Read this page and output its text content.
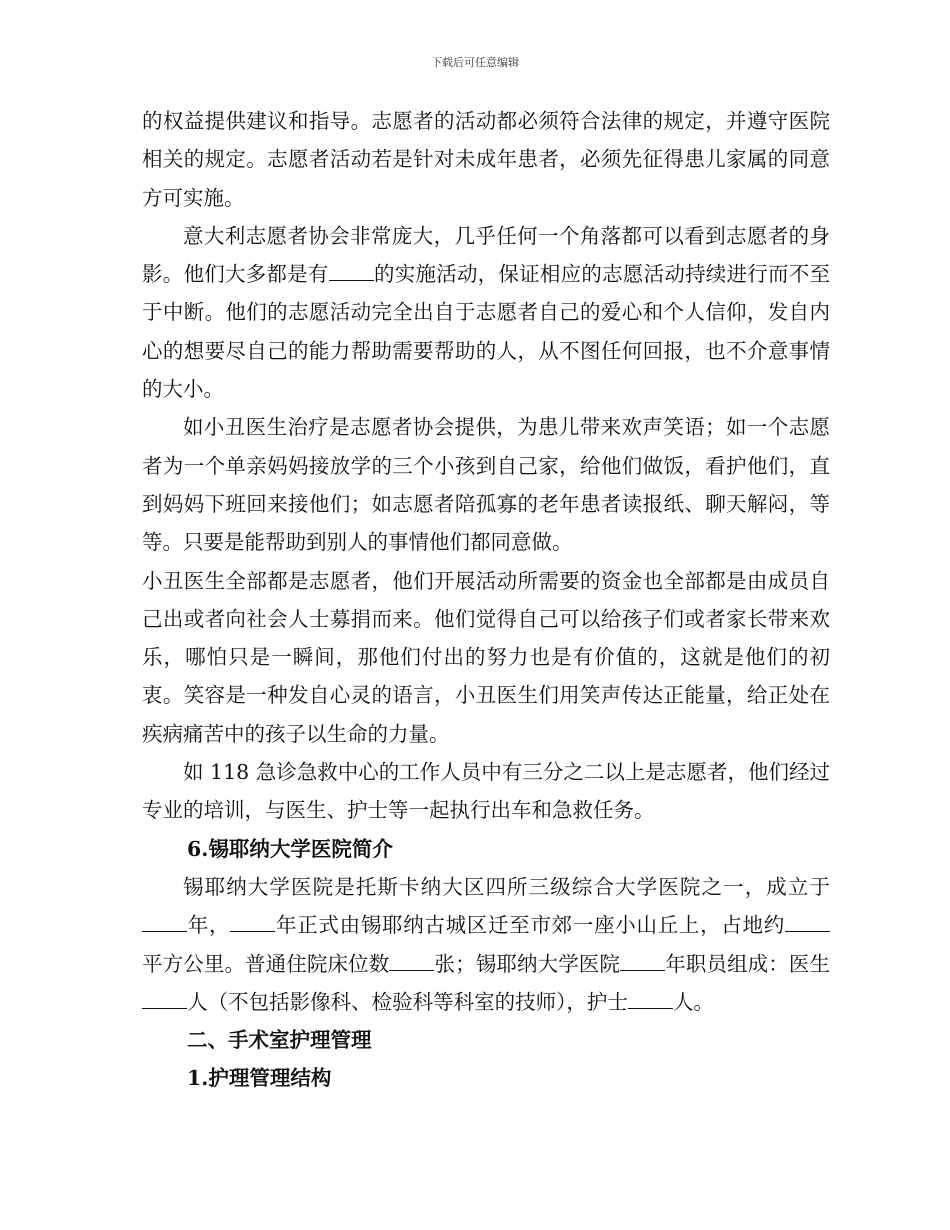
下载后可任意编辑

的权益提供建议和指导。志愿者的活动都必须符合法律的规定，并遵守医院相关的规定。志愿者活动若是针对未成年患者，必须先征得患儿家属的同意方可实施。

意大利志愿者协会非常庞大，几乎任何一个角落都可以看到志愿者的身影。他们大多都是有 的实施活动，保证相应的志愿活动持续进行而不至于中断。他们的志愿活动完全出自于志愿者自己的爱心和个人信仰，发自内心的想要尽自己的能力帮助需要帮助的人，从不图任何回报，也不介意事情的大小。

如小丑医生治疗是志愿者协会提供，为患儿带来欢声笑语；如一个志愿者为一个单亲妈妈接放学的三个小孩到自己家，给他们做饭，看护他们，直到妈妈下班回来接他们；如志愿者陪孤寡的老年患者读报纸、聊天解闷，等等。只要是能帮助到别人的事情他们都同意做。

小丑医生全部都是志愿者，他们开展活动所需要的资金也全部都是由成员自己出或者向社会人士募捐而来。他们觉得自己可以给孩子们或者家长带来欢乐，哪怕只是一瞬间，那他们付出的努力也是有价值的，这就是他们的初衷。笑容是一种发自心灵的语言，小丑医生们用笑声传达正能量，给正处在疾病痛苦中的孩子以生命的力量。

如 118 急诊急救中心的工作人员中有三分之二以上是志愿者，他们经过专业的培训，与医生、护士等一起执行出车和急救任务。

6.锡耶纳大学医院简介

锡耶纳大学医院是托斯卡纳大区四所三级综合大学医院之一，成立于年， 年正式由锡耶纳古城区迁至市郊一座小山丘上，占地约平方公里。普通住院床位数 张；锡耶纳大学医院 年职员组成：医生人（不包括影像科、检验科等科室的技师），护士 人。

二、手术室护理管理

1.护理管理结构
